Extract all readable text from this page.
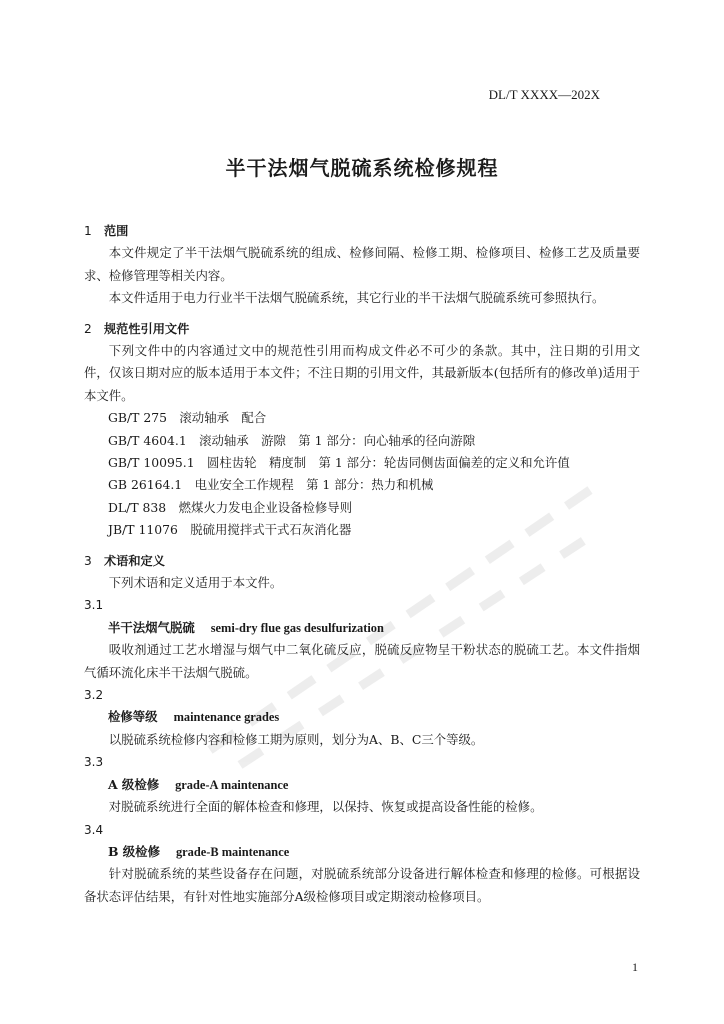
DL/T XXXX—202X
半干法烟气脱硫系统检修规程
1 范围

本文件规定了半干法烟气脱硫系统的组成、检修间隔、检修工期、检修项目、检修工艺及质量要求、检修管理等相关内容。

本文件适用于电力行业半干法烟气脱硫系统，其它行业的半干法烟气脱硫系统可参照执行。

2 规范性引用文件

下列文件中的内容通过文中的规范性引用而构成文件必不可少的条款。其中，注日期的引用文件，仅该日期对应的版本适用于本文件；不注日期的引用文件，其最新版本(包括所有的修改单)适用于本文件。

GB/T 275　滚动轴承　配合

GB/T 4604.1　滚动轴承　游隙　第 1 部分：向心轴承的径向游隙

GB/T 10095.1　圆柱齿轮　精度制　第 1 部分：轮齿同侧齿面偏差的定义和允许值

GB 26164.1　电业安全工作规程　第 1 部分：热力和机械

DL/T 838　燃煤火力发电企业设备检修导则

JB/T 11076　脱硫用搅拌式干式石灰消化器

3 术语和定义

下列术语和定义适用于本文件。

3.1

半干法烟气脱硫 semi-dry flue gas desulfurization

吸收剂通过工艺水增湿与烟气中二氧化硫反应，脱硫反应物呈干粉状态的脱硫工艺。本文件指烟气循环流化床半干法烟气脱硫。

3.2

检修等级 maintenance grades

以脱硫系统检修内容和检修工期为原则，划分为A、B、C三个等级。

3.3

A 级检修 grade-A maintenance

对脱硫系统进行全面的解体检查和修理，以保持、恢复或提高设备性能的检修。

3.4

B 级检修 grade-B maintenance

针对脱硫系统的某些设备存在问题，对脱硫系统部分设备进行解体检查和修理的检修。可根据设备状态评估结果，有针对性地实施部分A级检修项目或定期滚动检修项目。

1
